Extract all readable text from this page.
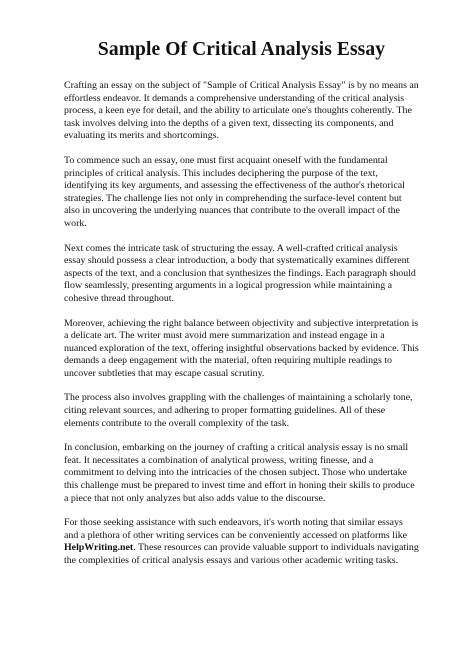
Sample Of Critical Analysis Essay

Crafting an essay on the subject of "Sample of Critical Analysis Essay" is by no means an effortless endeavor. It demands a comprehensive understanding of the critical analysis process, a keen eye for detail, and the ability to articulate one's thoughts coherently. The task involves delving into the depths of a given text, dissecting its components, and evaluating its merits and shortcomings.

To commence such an essay, one must first acquaint oneself with the fundamental principles of critical analysis. This includes deciphering the purpose of the text, identifying its key arguments, and assessing the effectiveness of the author's rhetorical strategies. The challenge lies not only in comprehending the surface-level content but also in uncovering the underlying nuances that contribute to the overall impact of the work.

Next comes the intricate task of structuring the essay. A well-crafted critical analysis essay should possess a clear introduction, a body that systematically examines different aspects of the text, and a conclusion that synthesizes the findings. Each paragraph should flow seamlessly, presenting arguments in a logical progression while maintaining a cohesive thread throughout.

Moreover, achieving the right balance between objectivity and subjective interpretation is a delicate art. The writer must avoid mere summarization and instead engage in a nuanced exploration of the text, offering insightful observations backed by evidence. This demands a deep engagement with the material, often requiring multiple readings to uncover subtleties that may escape casual scrutiny.

The process also involves grappling with the challenges of maintaining a scholarly tone, citing relevant sources, and adhering to proper formatting guidelines. All of these elements contribute to the overall complexity of the task.

In conclusion, embarking on the journey of crafting a critical analysis essay is no small feat. It necessitates a combination of analytical prowess, writing finesse, and a commitment to delving into the intricacies of the chosen subject. Those who undertake this challenge must be prepared to invest time and effort in honing their skills to produce a piece that not only analyzes but also adds value to the discourse.

For those seeking assistance with such endeavors, it's worth noting that similar essays and a plethora of other writing services can be conveniently accessed on platforms like HelpWriting.net. These resources can provide valuable support to individuals navigating the complexities of critical analysis essays and various other academic writing tasks.
